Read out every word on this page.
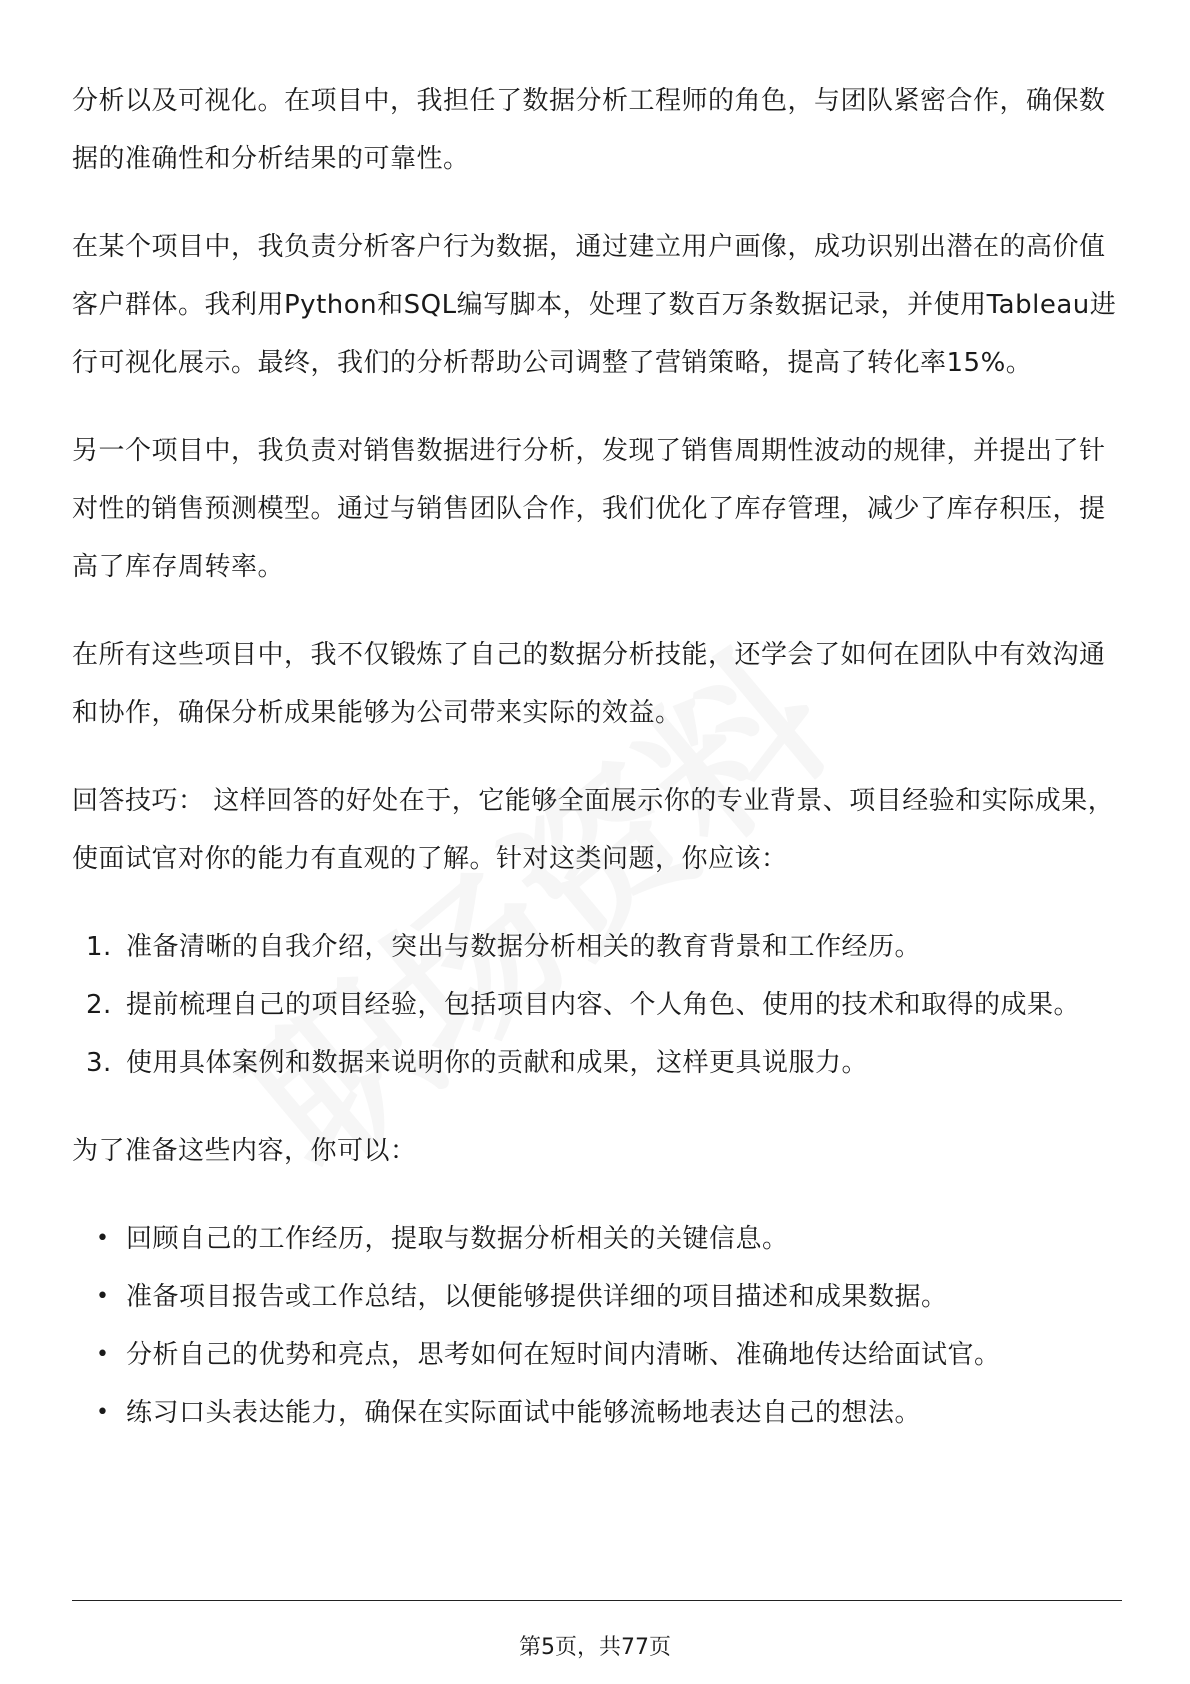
分析以及可视化。在项目中，我担任了数据分析工程师的角色，与团队紧密合作，确保数据的准确性和分析结果的可靠性。

在某个项目中，我负责分析客户行为数据，通过建立用户画像，成功识别出潜在的高价值客户群体。我利用Python和SQL编写脚本，处理了数百万条数据记录，并使用Tableau进行可视化展示。最终，我们的分析帮助公司调整了营销策略，提高了转化率15%。

另一个项目中，我负责对销售数据进行分析，发现了销售周期性波动的规律，并提出了针对性的销售预测模型。通过与销售团队合作，我们优化了库存管理，减少了库存积压，提高了库存周转率。

在所有这些项目中，我不仅锻炼了自己的数据分析技能，还学会了如何在团队中有效沟通和协作，确保分析成果能够为公司带来实际的效益。

回答技巧： 这样回答的好处在于，它能够全面展示你的专业背景、项目经验和实际成果，使面试官对你的能力有直观的了解。针对这类问题，你应该：

1. 准备清晰的自我介绍，突出与数据分析相关的教育背景和工作经历。
2. 提前梳理自己的项目经验，包括项目内容、个人角色、使用的技术和取得的成果。
3. 使用具体案例和数据来说明你的贡献和成果，这样更具说服力。

为了准备这些内容，你可以：

• 回顾自己的工作经历，提取与数据分析相关的关键信息。
• 准备项目报告或工作总结，以便能够提供详细的项目描述和成果数据。
• 分析自己的优势和亮点，思考如何在短时间内清晰、准确地传达给面试官。
• 练习口头表达能力，确保在实际面试中能够流畅地表达自己的想法。
第5页，共77页
